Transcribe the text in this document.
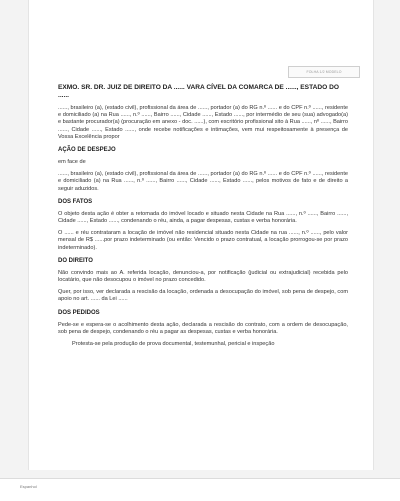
FOLHA 1/2 MODELO

EXMO. SR. DR. JUIZ DE DIREITO DA ...... VARA CÍVEL DA COMARCA DE ......, ESTADO DO ......

......, brasileiro (a), (estado civil), profissional da área de ......, portador (a) do RG n.º ...... e do CPF n.º ......, residente e domiciliado (a) na Rua ......, n.º ......, Bairro ......, Cidade ......, Estado ......, por intermédio de seu (sua) advogado(a) e bastante procurador(a) (procuração em anexo - doc. ......), com escritório profissional sito à Rua ......, nº ......, Bairro ......, Cidade ......, Estado ......, onde recebe notificações e intimações, vem mui respeitosamente à presença de Vossa Excelência propor

AÇÃO DE DESPEJO

em face de

......, brasileiro (a), (estado civil), profissional da área de ......, portador (a) do RG n.º ...... e do CPF n.º ......, residente e domiciliado (a) na Rua ......, n.º ......, Bairro ......, Cidade ......, Estado ......, pelos motivos de fato e de direito a seguir aduzidos.

DOS FATOS

O objeto desta ação é obter a retomada do imóvel locado e situado nesta Cidade na Rua ......, n.º ......, Bairro ......, Cidade ......, Estado ......, condenando o réu, ainda, a pagar despesas, custas e verba honorária.

O ...... e réu contrataram a locação de imóvel não residencial situado nesta Cidade na rua ......, n.º ......, pelo valor mensal de R$ ......por prazo indeterminado (ou então: Vencido o prazo contratual, a locação prorrogou-se por prazo indeterminado).

DO DIREITO

Não convindo mais ao A. referida locação, denunciou-a, por notificação (judicial ou extrajudicial) recebida pelo locatário, que não desocupou o imóvel no prazo concedido.

Quer, por isso, ver declarada a rescisão da locação, ordenada a desocupação do imóvel, sob pena de despejo, com apoio no art. ...... da Lei ......

DOS PEDIDOS

Pede-se e espera-se o acolhimento desta ação, declarada a rescisão do contrato, com a ordem de desocupação, sob pena de despejo, condenando o réu a pagar as despesas, custas e verba honorária.

Protesta-se pela produção de prova documental, testemunhal, pericial e inspeção

Espanhol
